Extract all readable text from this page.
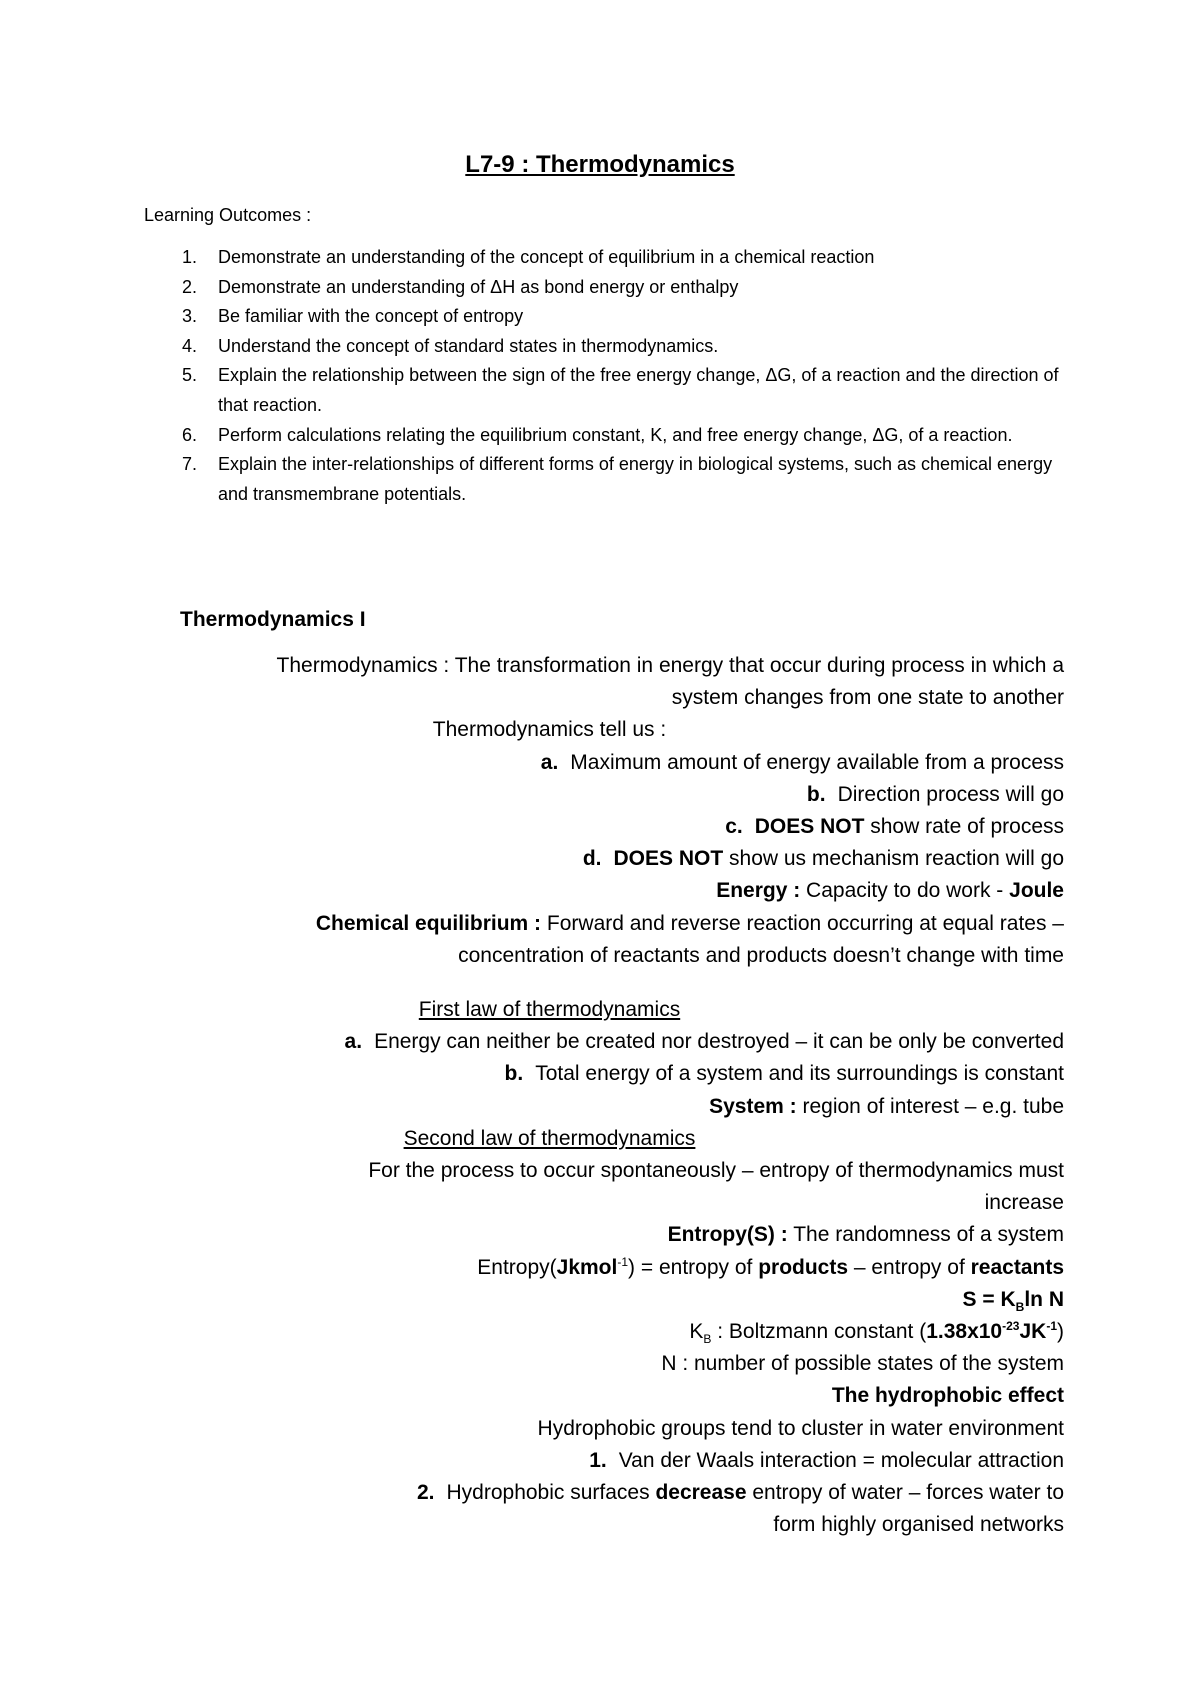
L7-9 : Thermodynamics
Learning Outcomes :
1.	Demonstrate an understanding of the concept of equilibrium in a chemical reaction
2.	Demonstrate an understanding of ΔH as bond energy or enthalpy
3.	Be familiar with the concept of entropy
4.	Understand the concept of standard states in thermodynamics.
5.	Explain the relationship between the sign of the free energy change, ΔG, of a reaction and the direction of that reaction.
6.	Perform calculations relating the equilibrium constant, K, and free energy change, ΔG, of a reaction.
7.	Explain the inter-relationships of different forms of energy in biological systems, such as chemical energy and transmembrane potentials.
Thermodynamics I
Thermodynamics : The transformation in energy that occur during process in which a
system changes from one state to another
Thermodynamics tell us :
a. Maximum amount of energy available from a process
b. Direction process will go
c. DOES NOT show rate of process
d. DOES NOT show us mechanism reaction will go
Energy : Capacity to do work - Joule
Chemical equilibrium : Forward and reverse reaction occurring at equal rates –
concentration of reactants and products doesn’t change with time
First law of thermodynamics
a. Energy can neither be created nor destroyed – it can be only be converted
b. Total energy of a system and its surroundings is constant
System : region of interest – e.g. tube
Second law of thermodynamics
For the process to occur spontaneously – entropy of thermodynamics must
increase
Entropy(S) : The randomness of a system
Entropy(Jkmol$^{-1}$) = entropy of products – entropy of reactants
$S = K_B\ln$ N
$K_B$ : Boltzmann constant $(1.38x10^{-23}JK^{-1})$
N : number of possible states of the system
The hydrophobic effect
Hydrophobic groups tend to cluster in water environment
1. Van der Waals interaction = molecular attraction
2. Hydrophobic surfaces decrease entropy of water – forces water to
form highly organised networks
